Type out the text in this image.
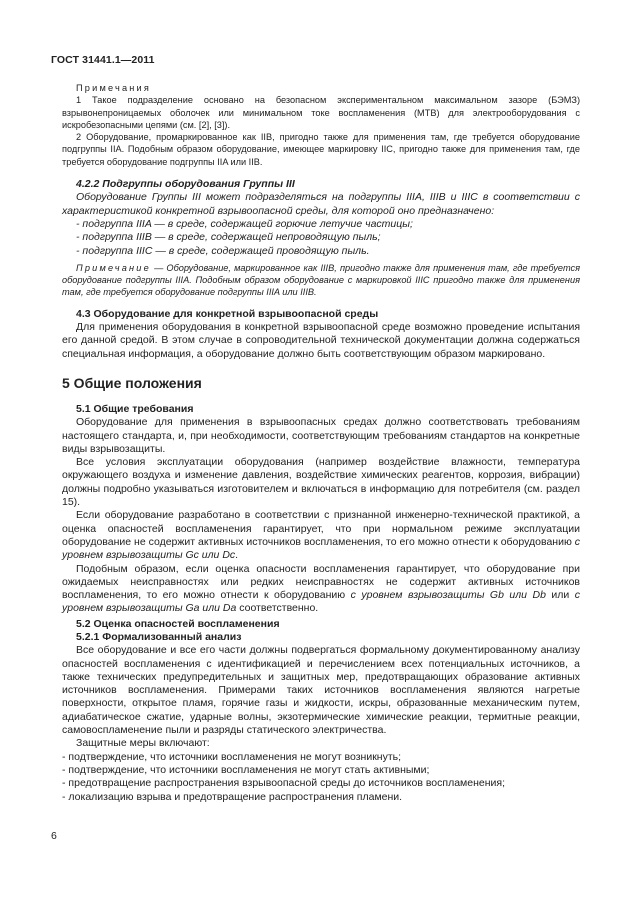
ГОСТ 31441.1—2011

Примечания

1 Такое подразделение основано на безопасном экспериментальном максимальном зазоре (БЭМЗ) взрывонепроницаемых оболочек или минимальном токе воспламенения (МТВ) для электрооборудования с искробезопасными цепями (см. [2], [3]).

2 Оборудование, промаркированное как IIB, пригодно также для применения там, где требуется оборудование подгруппы IIA. Подобным образом оборудование, имеющее маркировку IIC, пригодно также для применения там, где требуется оборудование подгруппы IIA или IIB.

4.2.2 Подгруппы оборудования Группы III

Оборудование Группы III может подразделяться на подгруппы IIIA, IIIB и IIIC в соответствии с характеристикой конкретной взрывоопасной среды, для которой оно предназначено:

- подгруппа IIIA — в среде, содержащей горючие летучие частицы;

- подгруппа IIIB — в среде, содержащей непроводящую пыль;

- подгруппа IIIC — в среде, содержащей проводящую пыль.

Примечание — Оборудование, маркированное как IIIB, пригодно также для применения там, где требуется оборудование подгруппы IIIA. Подобным образом оборудование с маркировкой IIIC пригодно также для применения там, где требуется оборудование подгруппы IIIA или IIIB.

4.3 Оборудование для конкретной взрывоопасной среды

Для применения оборудования в конкретной взрывоопасной среде возможно проведение испытания его данной средой. В этом случае в сопроводительной технической документации должна содержаться специальная информация, а оборудование должно быть соответствующим образом маркировано.

5 Общие положения

5.1 Общие требования

Оборудование для применения в взрывоопасных средах должно соответствовать требованиям настоящего стандарта, и, при необходимости, соответствующим требованиям стандартов на конкретные виды взрывозащиты.

Все условия эксплуатации оборудования (например воздействие влажности, температура окружающего воздуха и изменение давления, воздействие химических реагентов, коррозия, вибрации) должны подробно указываться изготовителем и включаться в информацию для потребителя (см. раздел 15).

Если оборудование разработано в соответствии с признанной инженерно-технической практикой, а оценка опасностей воспламенения гарантирует, что при нормальном режиме эксплуатации оборудование не содержит активных источников воспламенения, то его можно отнести к оборудованию с уровнем взрывозащиты Gc или Dc.

Подобным образом, если оценка опасности воспламенения гарантирует, что оборудование при ожидаемых неисправностях или редких неисправностях не содержит активных источников воспламенения, то его можно отнести к оборудованию с уровнем взрывозащиты Gb или Db или с уровнем взрывозащиты Ga или Da соответственно.

5.2 Оценка опасностей воспламенения

5.2.1 Формализованный анализ

Все оборудование и все его части должны подвергаться формальному документированному анализу опасностей воспламенения с идентификацией и перечислением всех потенциальных источников, а также технических предупредительных и защитных мер, предотвращающих образование активных источников воспламенения. Примерами таких источников воспламенения являются нагретые поверхности, открытое пламя, горячие газы и жидкости, искры, образованные механическим путем, адиабатическое сжатие, ударные волны, экзотермические химические реакции, термитные реакции, самовоспламенение пыли и разряды статического электричества.

Защитные меры включают:

- подтверждение, что источники воспламенения не могут возникнуть;

- подтверждение, что источники воспламенения не могут стать активными;

- предотвращение распространения взрывоопасной среды до источников воспламенения;

- локализацию взрыва и предотвращение распространения пламени.

6
